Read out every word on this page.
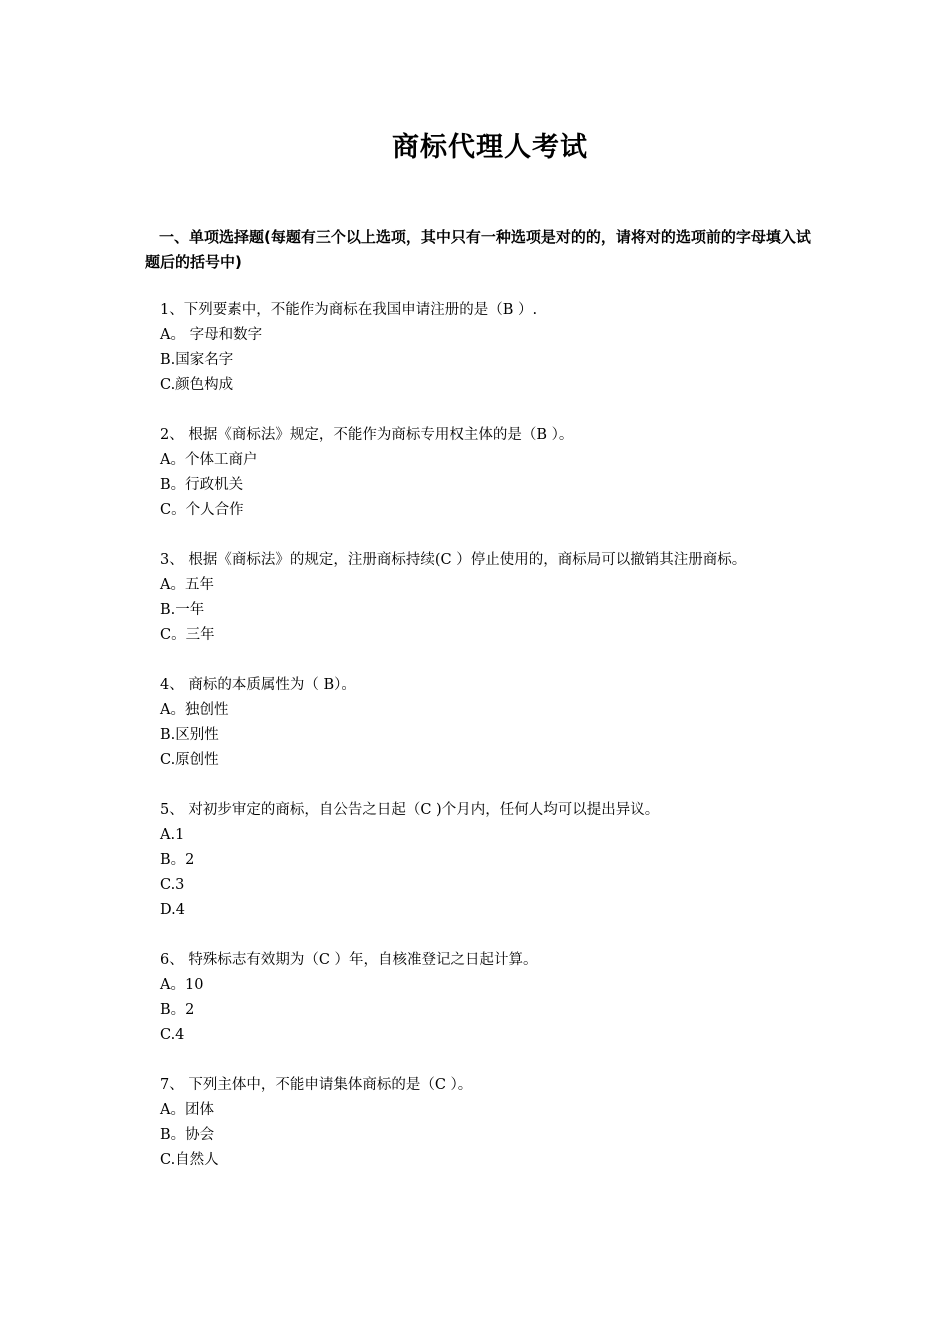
商标代理人考试
一、单项选择题(每题有三个以上选项，其中只有一种选项是对的的，请将对的选项前的字母填入试题后的括号中)

1、下列要素中，不能作为商标在我国申请注册的是（B ）.

A。 字母和数字

B.国家名字

C.颜色构成

2、 根据《商标法》规定，不能作为商标专用权主体的是（B ）。

A。个体工商户

B。行政机关

C。个人合作

3、 根据《商标法》的规定，注册商标持续(C ）停止使用的，商标局可以撤销其注册商标。

A。五年

B.一年

C。三年

4、 商标的本质属性为（ B）。

A。独创性

B.区别性

C.原创性

5、 对初步审定的商标，自公告之日起（C )个月内，任何人均可以提出异议。

A.1

B。2

C.3

D.4

6、 特殊标志有效期为（C ）年，自核准登记之日起计算。

A。10

B。2

C.4

7、 下列主体中，不能申请集体商标的是（C ）。

A。团体

B。协会

C.自然人
